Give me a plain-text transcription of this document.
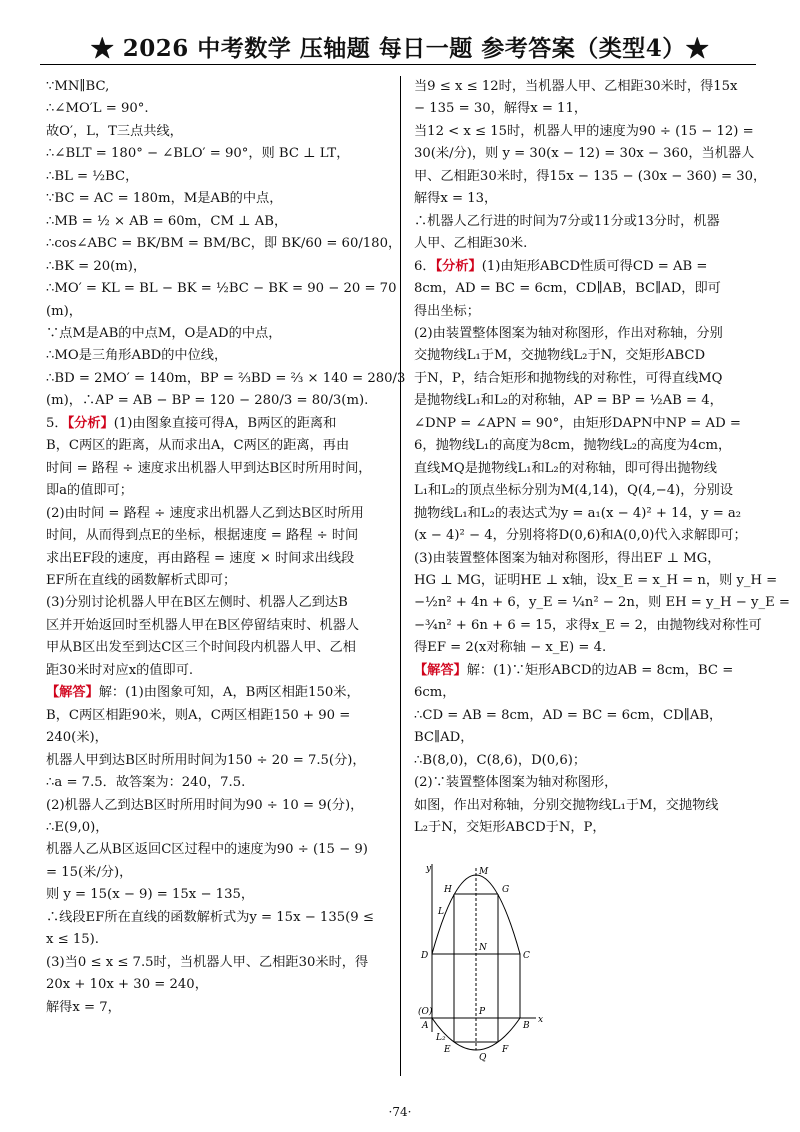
★ 2026 中考数学 压轴题 每日一题 参考答案（类型4）★

∵MN∥BC,

∴∠MO′L = 90°.

故O′，L，T三点共线，

∴∠BLT = 180° − ∠BLO′ = 90°，则 BC ⊥ LT，

∴BL = ½BC，

∵BC = AC = 180m，M是AB的中点，

∴MB = ½ × AB = 60m，CM ⊥ AB，

∴cos∠ABC = BK/BM = BM/BC，即 BK/60 = 60/180，

∴BK = 20(m)，

∴MO′ = KL = BL − BK = ½BC − BK = 90 − 20 = 70

(m)，

∵点M是AB的中点M，O是AD的中点，

∴MO是三角形ABD的中位线，

∴BD = 2MO′ = 140m，BP = ⅔BD = ⅔ × 140 = 280/3

(m)，∴AP = AB − BP = 120 − 280/3 = 80/3(m).

5．【分析】(1)由图象直接可得A，B两区的距离和

B，C两区的距离，从而求出A，C两区的距离，再由

时间 = 路程 ÷ 速度求出机器人甲到达B区时所用时间，

即a的值即可；

(2)由时间 = 路程 ÷ 速度求出机器人乙到达B区时所用

时间，从而得到点E的坐标，根据速度 = 路程 ÷ 时间

求出EF段的速度，再由路程 = 速度 × 时间求出线段

EF所在直线的函数解析式即可；

(3)分别讨论机器人甲在B区左侧时、机器人乙到达B

区并开始返回时至机器人甲在B区停留结束时、机器人

甲从B区出发至到达C区三个时间段内机器人甲、乙相

距30米时对应x的值即可.

【解答】解：(1)由图象可知，A，B两区相距150米，

B，C两区相距90米，则A，C两区相距150 + 90 =

240(米)，

机器人甲到达B区时所用时间为150 ÷ 20 = 7.5(分)，

∴a = 7.5．故答案为：240，7.5.

(2)机器人乙到达B区时所用时间为90 ÷ 10 = 9(分)，

∴E(9,0)，

机器人乙从B区返回C区过程中的速度为90 ÷ (15 − 9)

= 15(米/分)，

则 y = 15(x − 9) = 15x − 135，

∴线段EF所在直线的函数解析式为y = 15x − 135(9 ≤

x ≤ 15).

(3)当0 ≤ x ≤ 7.5时，当机器人甲、乙相距30米时，得

20x + 10x + 30 = 240，

解得x = 7，

当9 ≤ x ≤ 12时，当机器人甲、乙相距30米时，得15x

− 135 = 30，解得x = 11，

当12 < x ≤ 15时，机器人甲的速度为90 ÷ (15 − 12) =

30(米/分)，则 y = 30(x − 12) = 30x − 360，当机器人

甲、乙相距30米时，得15x − 135 − (30x − 360) = 30，

解得x = 13，

∴机器人乙行进的时间为7分或11分或13分时，机器

人甲、乙相距30米.

6．【分析】(1)由矩形ABCD性质可得CD = AB =

8cm，AD = BC = 6cm，CD∥AB，BC∥AD，即可

得出坐标；

(2)由装置整体图案为轴对称图形，作出对称轴，分别

交抛物线L₁于M，交抛物线L₂于N，交矩形ABCD

于N，P，结合矩形和抛物线的对称性，可得直线MQ

是抛物线L₁和L₂的对称轴，AP = BP = ½AB = 4，

∠DNP = ∠APN = 90°，由矩形DAPN中NP = AD =

6，抛物线L₁的高度为8cm，抛物线L₂的高度为4cm，

直线MQ是抛物线L₁和L₂的对称轴，即可得出抛物线

L₁和L₂的顶点坐标分别为M(4,14)，Q(4,−4)，分别设

抛物线L₁和L₂的表达式为y = a₁(x − 4)² + 14，y = a₂

(x − 4)² − 4，分别将将D(0,6)和A(0,0)代入求解即可；

(3)由装置整体图案为轴对称图形，得出EF ⊥ MG，

HG ⊥ MG，证明HE ⊥ x轴，设x_E = x_H = n，则 y_H =

−½n² + 4n + 6，y_E = ¼n² − 2n，则 EH = y_H − y_E =

−¾n² + 6n + 6 = 15，求得x_E = 2，由抛物线对称性可

得EF = 2(x对称轴 − x_E) = 4.

【解答】解：(1)∵矩形ABCD的边AB = 8cm，BC =

6cm，

∴CD = AB = 8cm，AD = BC = 6cm，CD∥AB，

BC∥AD，

∴B(8,0)，C(8,6)，D(0,6)；

(2)∵装置整体图案为轴对称图形，

如图，作出对称轴，分别交抛物线L₁于M，交抛物线

L₂于N，交矩形ABCD于N，P，

y	M
H	G
L
N
D	C
(O)	P
A	B
x
L₂
E	F
Q
·74·
